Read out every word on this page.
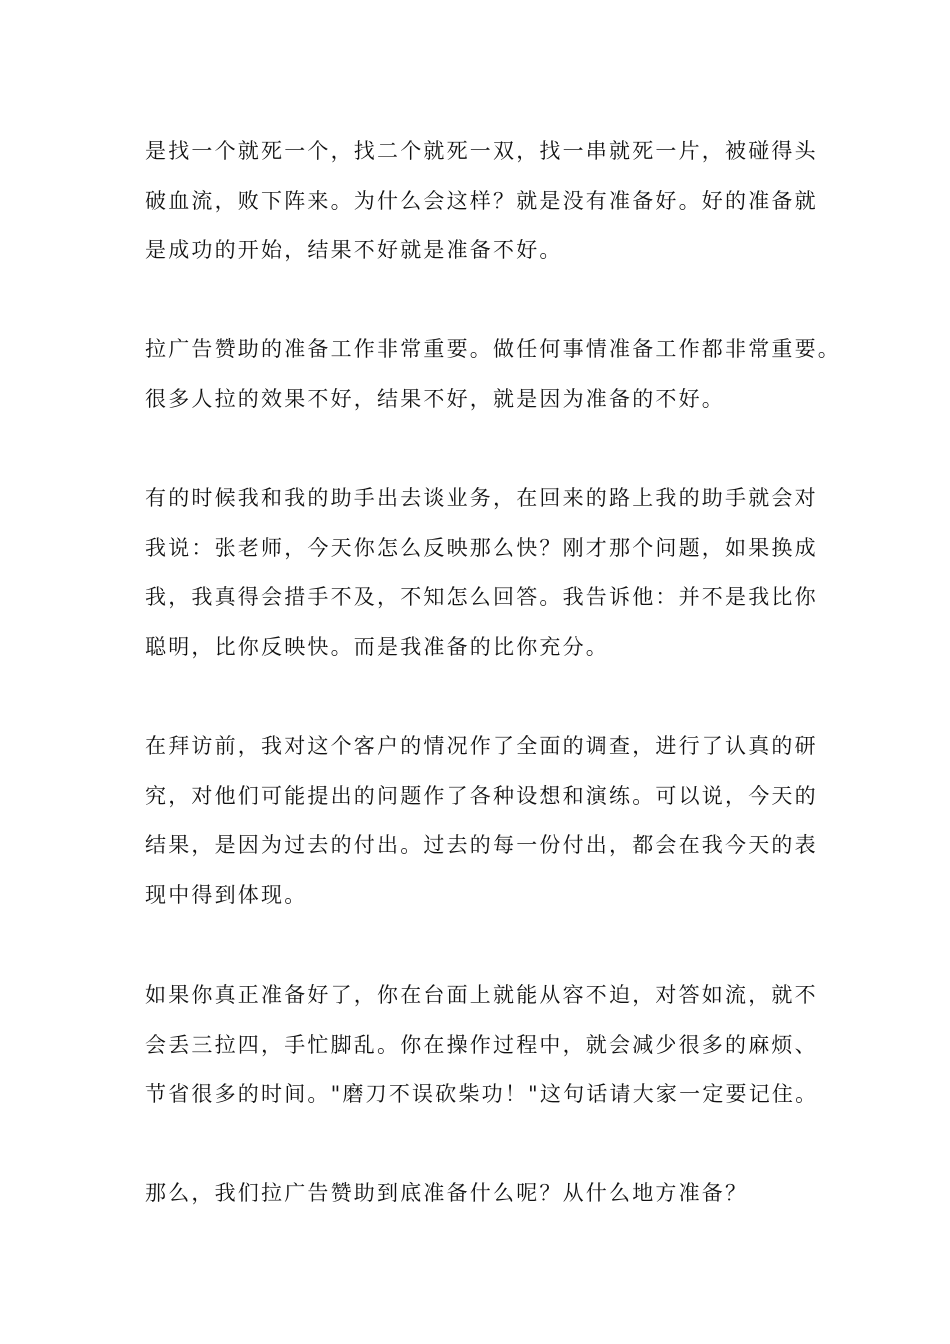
是找一个就死一个，找二个就死一双，找一串就死一片，被碰得头
破血流，败下阵来。为什么会这样？就是没有准备好。好的准备就
是成功的开始，结果不好就是准备不好。

拉广告赞助的准备工作非常重要。做任何事情准备工作都非常重要。
很多人拉的效果不好，结果不好，就是因为准备的不好。

有的时候我和我的助手出去谈业务，在回来的路上我的助手就会对
我说：张老师，今天你怎么反映那么快？刚才那个问题，如果换成
我，我真得会措手不及，不知怎么回答。我告诉他：并不是我比你
聪明，比你反映快。而是我准备的比你充分。

在拜访前，我对这个客户的情况作了全面的调查，进行了认真的研
究，对他们可能提出的问题作了各种设想和演练。可以说，今天的
结果，是因为过去的付出。过去的每一份付出，都会在我今天的表
现中得到体现。

如果你真正准备好了，你在台面上就能从容不迫，对答如流，就不
会丢三拉四，手忙脚乱。你在操作过程中，就会减少很多的麻烦、
节省很多的时间。"磨刀不误砍柴功！"这句话请大家一定要记住。

那么，我们拉广告赞助到底准备什么呢？从什么地方准备？
